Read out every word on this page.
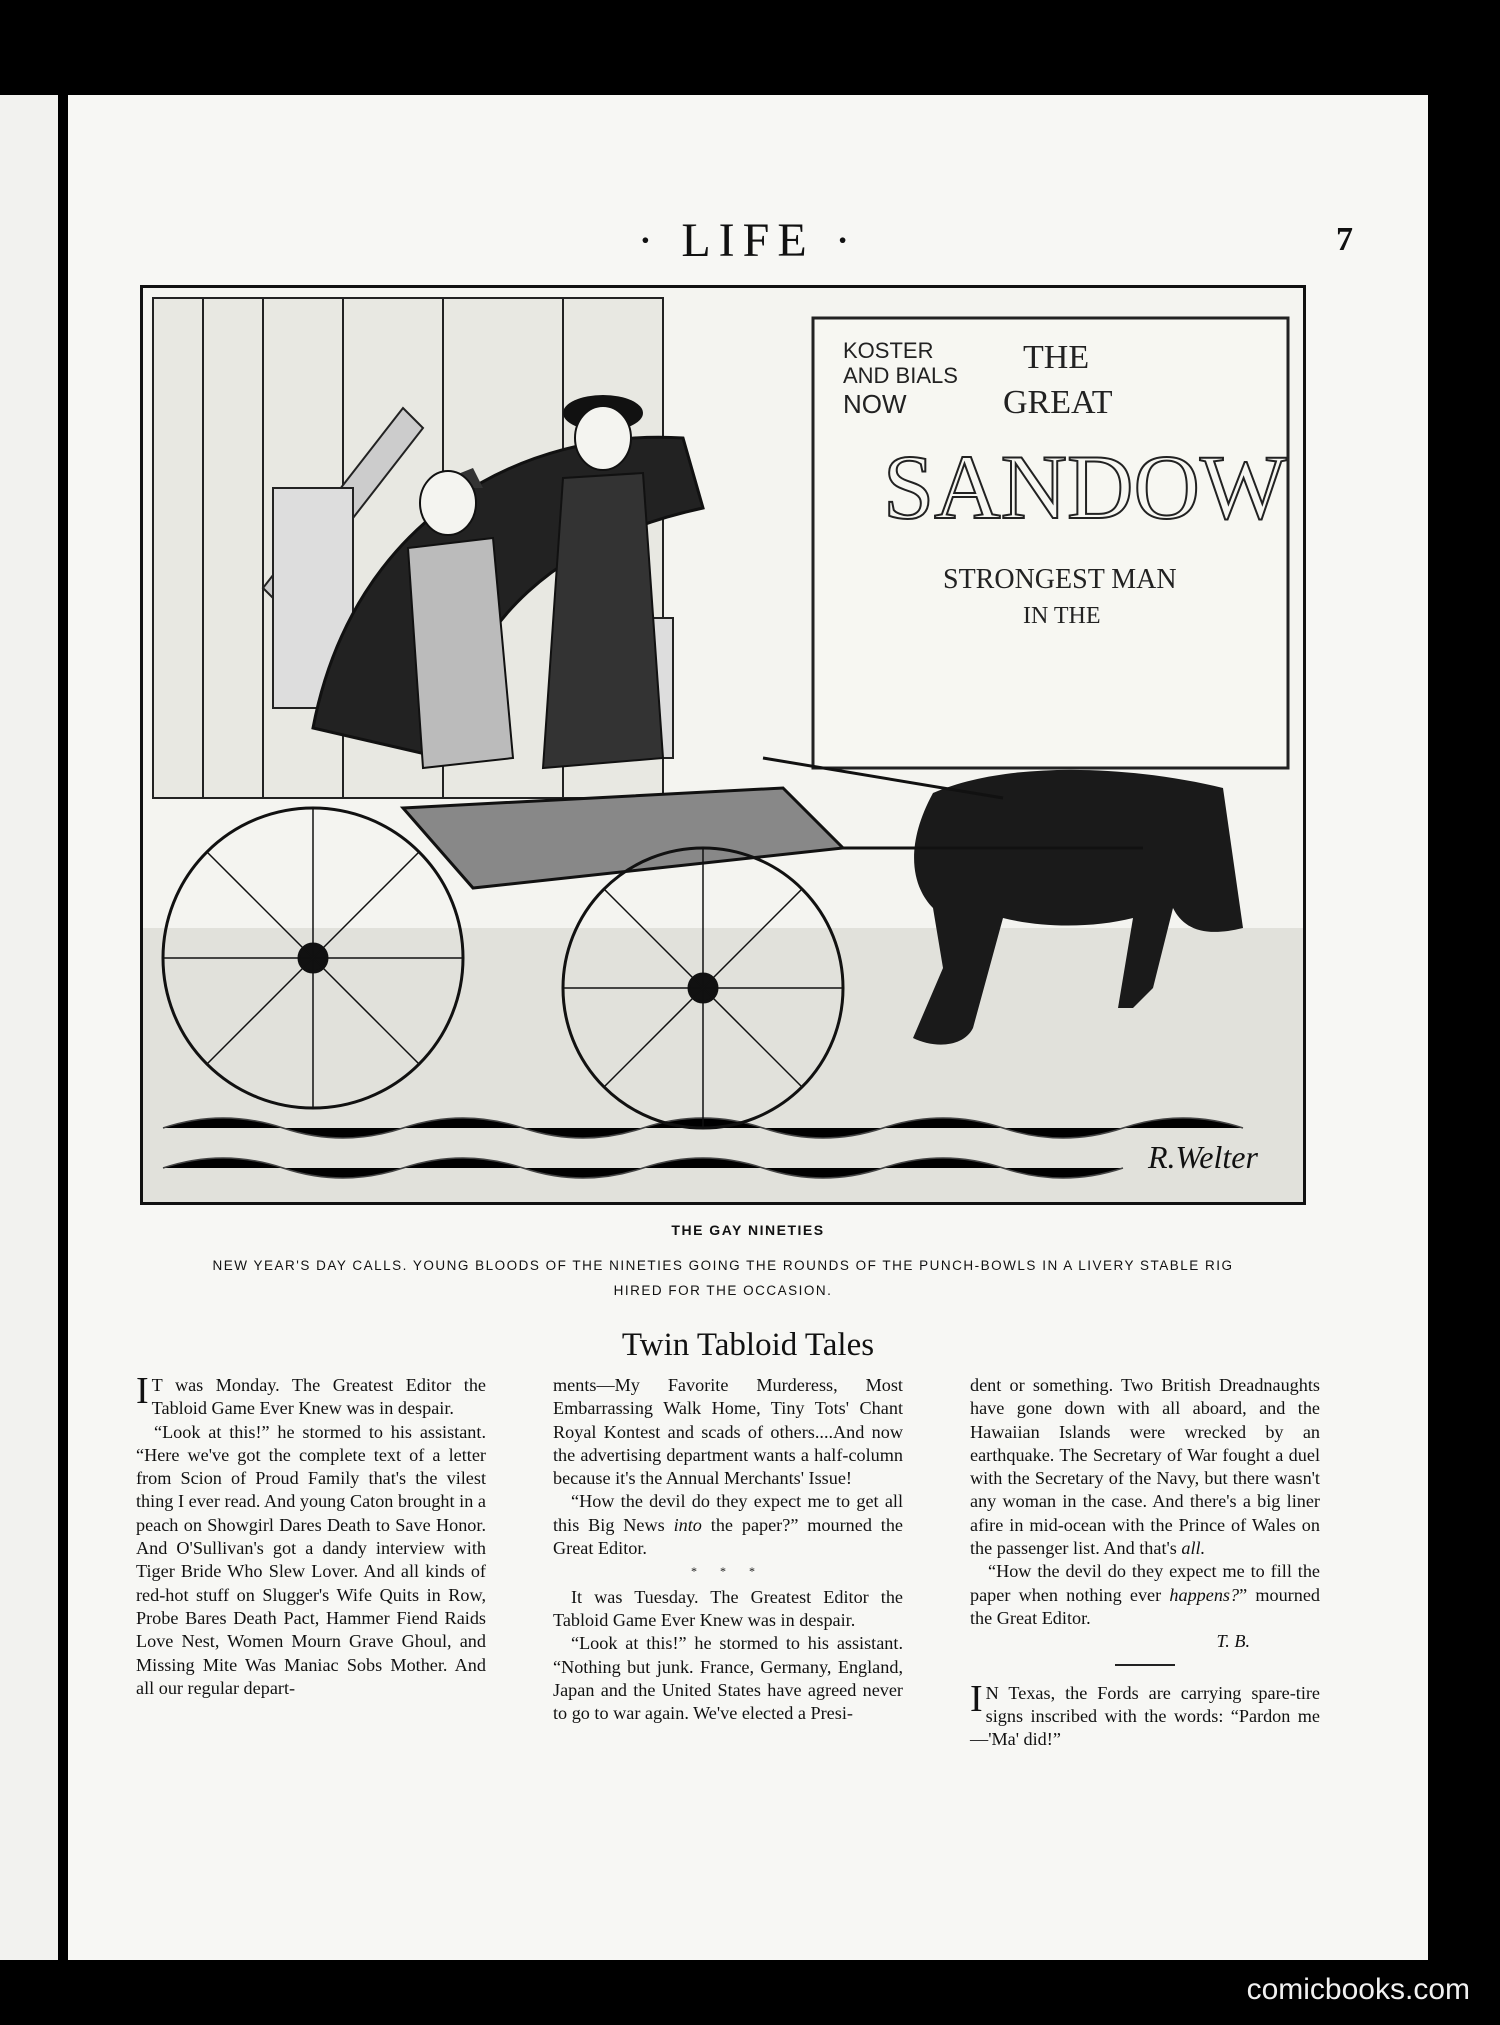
· LIFE ·	7
KOSTER
AND BIALS
NOW
THE
GREAT
SANDOW
STRONGEST MAN
IN THE
R.Welter
THE GAY NINETIES
NEW YEAR'S DAY CALLS. YOUNG BLOODS OF THE NINETIES GOING THE ROUNDS OF THE PUNCH-BOWLS IN A LIVERY STABLE RIG HIRED FOR THE OCCASION.
Twin Tabloid Tales

I T was Monday. The Greatest Editor the Tabloid Game Ever Knew was in despair.

“Look at this!” he stormed to his assistant. “Here we've got the complete text of a letter from Scion of Proud Family that's the vilest thing I ever read. And young Caton brought in a peach on Showgirl Dares Death to Save Honor. And O'Sullivan's got a dandy interview with Tiger Bride Who Slew Lover. And all kinds of red-hot stuff on Slugger's Wife Quits in Row, Probe Bares Death Pact, Hammer Fiend Raids Love Nest, Women Mourn Grave Ghoul, and Missing Mite Was Maniac Sobs Mother. And all our regular depart-

ments—My Favorite Murderess, Most Embarrassing Walk Home, Tiny Tots' Chant Royal Kontest and scads of others....And now the advertising department wants a half-column because it's the Annual Merchants' Issue!

“How the devil do they expect me to get all this Big News into the paper?” mourned the Great Editor.

* * *

It was Tuesday. The Greatest Editor the Tabloid Game Ever Knew was in despair.

“Look at this!” he stormed to his assistant. “Nothing but junk. France, Germany, England, Japan and the United States have agreed never to go to war again. We've elected a Presi-

dent or something. Two British Dreadnaughts have gone down with all aboard, and the Hawaiian Islands were wrecked by an earthquake. The Secretary of War fought a duel with the Secretary of the Navy, but there wasn't any woman in the case. And there's a big liner afire in mid-ocean with the Prince of Wales on the passenger list. And that's all.

“How the devil do they expect me to fill the paper when nothing ever happens?” mourned the Great Editor.

T. B.

I N Texas, the Fords are carrying spare-tire signs inscribed with the words: “Pardon me—'Ma' did!”

comicbooks.com
